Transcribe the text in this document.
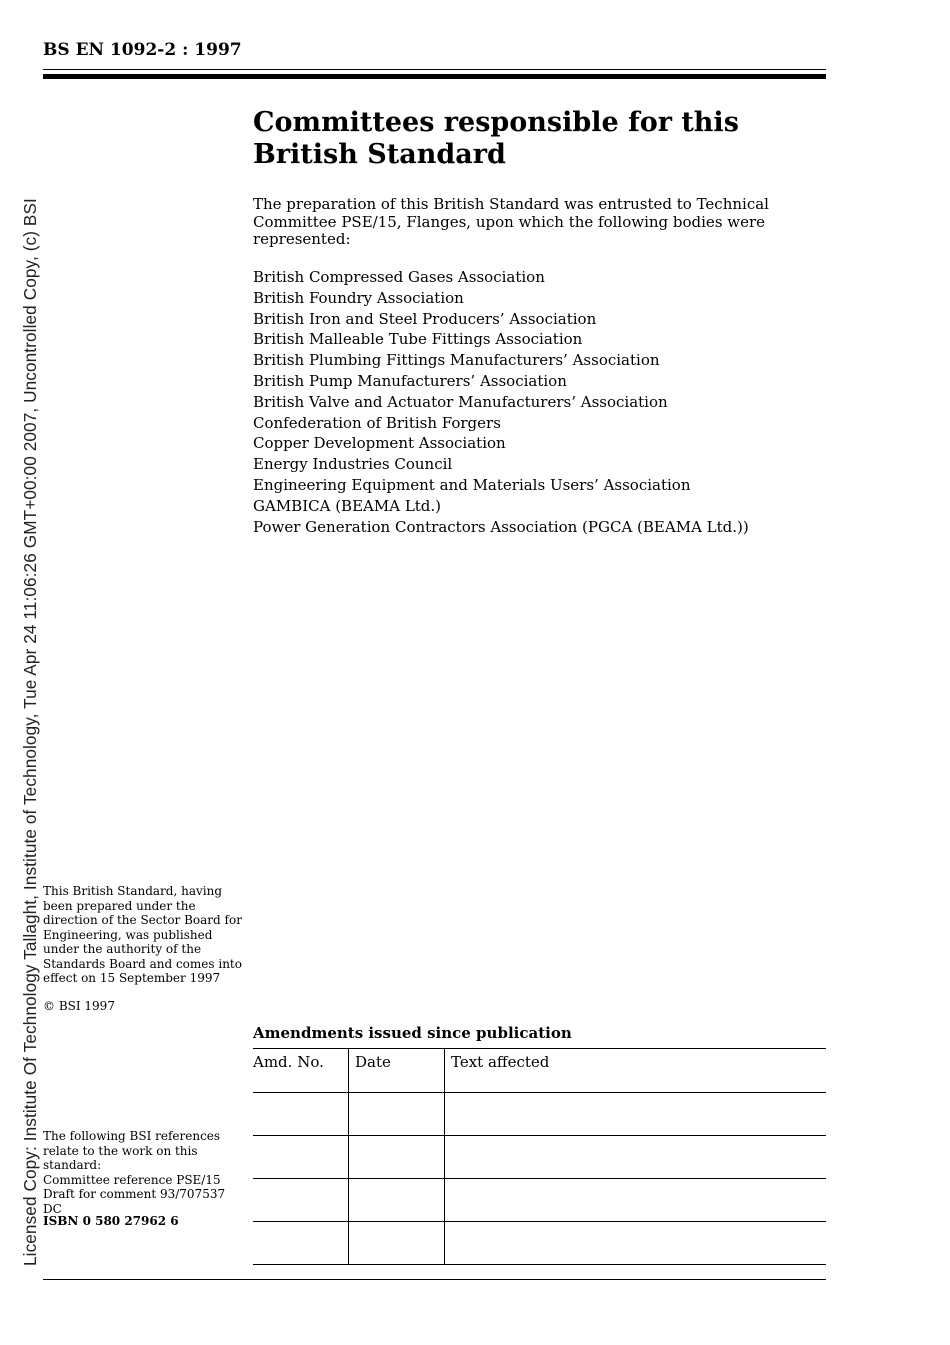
Licensed Copy: Institute Of Technology Tallaght, Institute of Technology, Tue Apr 24 11:06:26 GMT+00:00 2007, Uncontrolled Copy, (c) BSI
BS EN 1092-2 : 1997
Committees responsible for this
British Standard

The preparation of this British Standard was entrusted to Technical Committee PSE/15, Flanges, upon which the following bodies were represented:

British Compressed Gases Association
British Foundry Association
British Iron and Steel Producers’ Association
British Malleable Tube Fittings Association
British Plumbing Fittings Manufacturers’ Association
British Pump Manufacturers’ Association
British Valve and Actuator Manufacturers’ Association
Confederation of British Forgers
Copper Development Association
Energy Industries Council
Engineering Equipment and Materials Users’ Association
GAMBICA (BEAMA Ltd.)
Power Generation Contractors Association (PGCA (BEAMA Ltd.))

This British Standard, having been prepared under the direction of the Sector Board for Engineering, was published under the authority of the Standards Board and comes into effect on 15 September 1997

© BSI 1997

The following BSI references relate to the work on this standard:
Committee reference PSE/15
Draft for comment 93/707537 DC

ISBN 0 580 27962 6
Amendments issued since publication
Amd. No.	Date	Text affected
